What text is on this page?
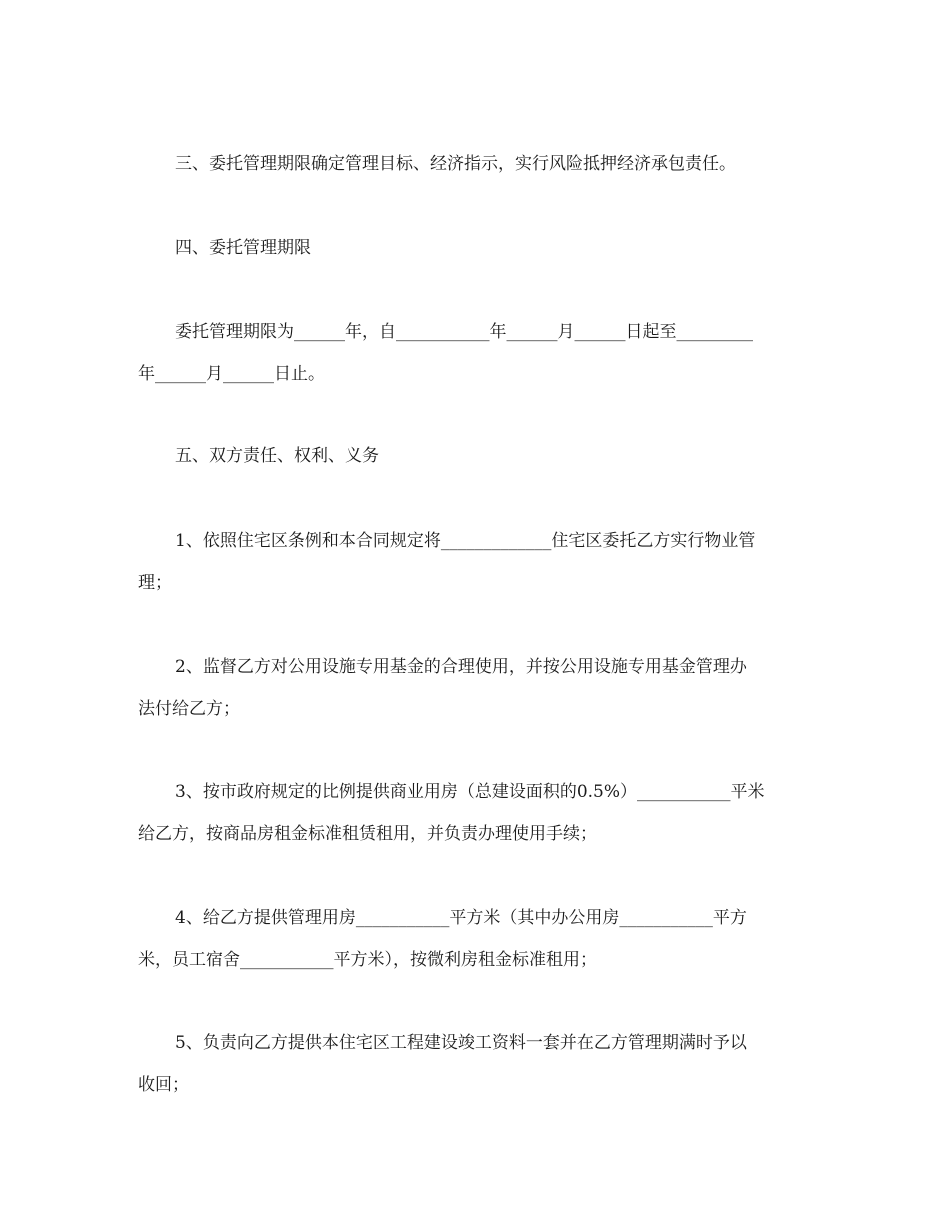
三、委托管理期限确定管理目标、经济指示，实行风险抵押经济承包责任。
四、委托管理期限
委托管理期限为______年，自___________年______月______日起至_________
年______月______日止。
五、双方责任、权利、义务
1、依照住宅区条例和本合同规定将_____________住宅区委托乙方实行物业管
理；
2、监督乙方对公用设施专用基金的合理使用，并按公用设施专用基金管理办
法付给乙方；
3、按市政府规定的比例提供商业用房（总建设面积的0.5%）___________平米
给乙方，按商品房租金标准租赁租用，并负责办理使用手续；
4、给乙方提供管理用房___________平方米（其中办公用房___________平方
米，员工宿舍___________平方米），按微利房租金标准租用；
5、负责向乙方提供本住宅区工程建设竣工资料一套并在乙方管理期满时予以
收回；
